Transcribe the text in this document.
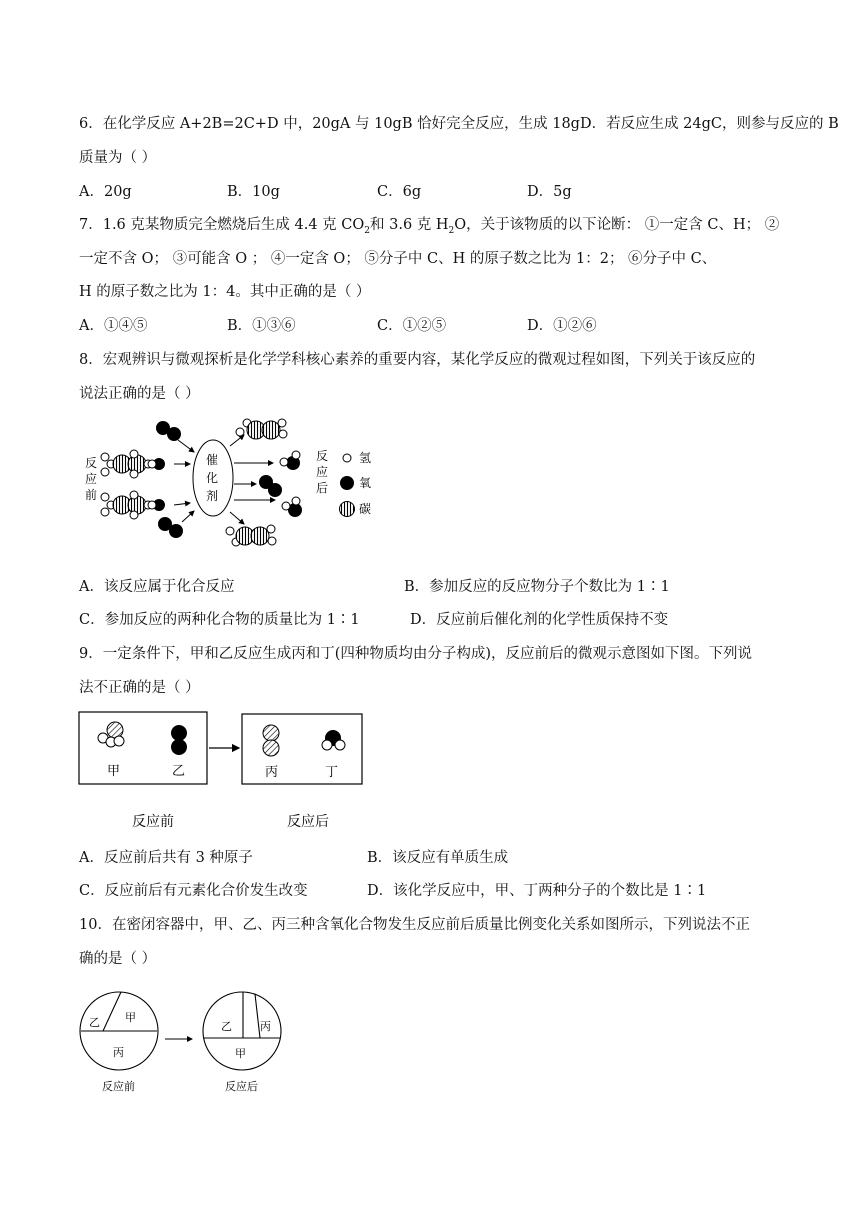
6．在化学反应 A+2B=2C+D 中，20gA 与 10gB 恰好完全反应，生成 18gD．若反应生成 24gC，则参与反应的 B
质量为（ ）
A．20g	B．10g	C．6g	D．5g
7．1.6 克某物质完全燃烧后生成 4.4 克 $CO_2$和 3.6 克 $H_2O$，关于该物质的以下论断： ①一定含 C、H； ②
一定不含 O； ③可能含 O ； ④一定含 O； ⑤分子中 C、H 的原子数之比为 1：2； ⑥分子中 C、
H 的原子数之比为 1：4。其中正确的是（ ）
A．①④⑤	B．①③⑥	C．①②⑤	D．①②⑥
8．宏观辨识与微观探析是化学学科核心素养的重要内容，某化学反应的微观过程如图，下列关于该反应的
说法正确的是（ ）
反
应
前
催
化
剂
反
应
后
氢
氧
碳
A．该反应属于化合反应	B．参加反应的反应物分子个数比为 1∶1
C．参加反应的两种化合物的质量比为 1∶1	D．反应前后催化剂的化学性质保持不变
9．一定条件下，甲和乙反应生成丙和丁(四种物质均由分子构成)，反应前后的微观示意图如下图。下列说
法不正确的是（ ）
甲	乙	丙	丁
反应前	反应后
A．反应前后共有 3 种原子	B．该反应有单质生成
C．反应前后有元素化合价发生改变	D．该化学反应中，甲、丁两种分子的个数比是 1∶1
10．在密闭容器中，甲、乙、丙三种含氧化合物发生反应前后质量比例变化关系如图所示，下列说法不正
确的是（ ）
乙 甲
丙
乙	丙
甲
反应前	反应后
